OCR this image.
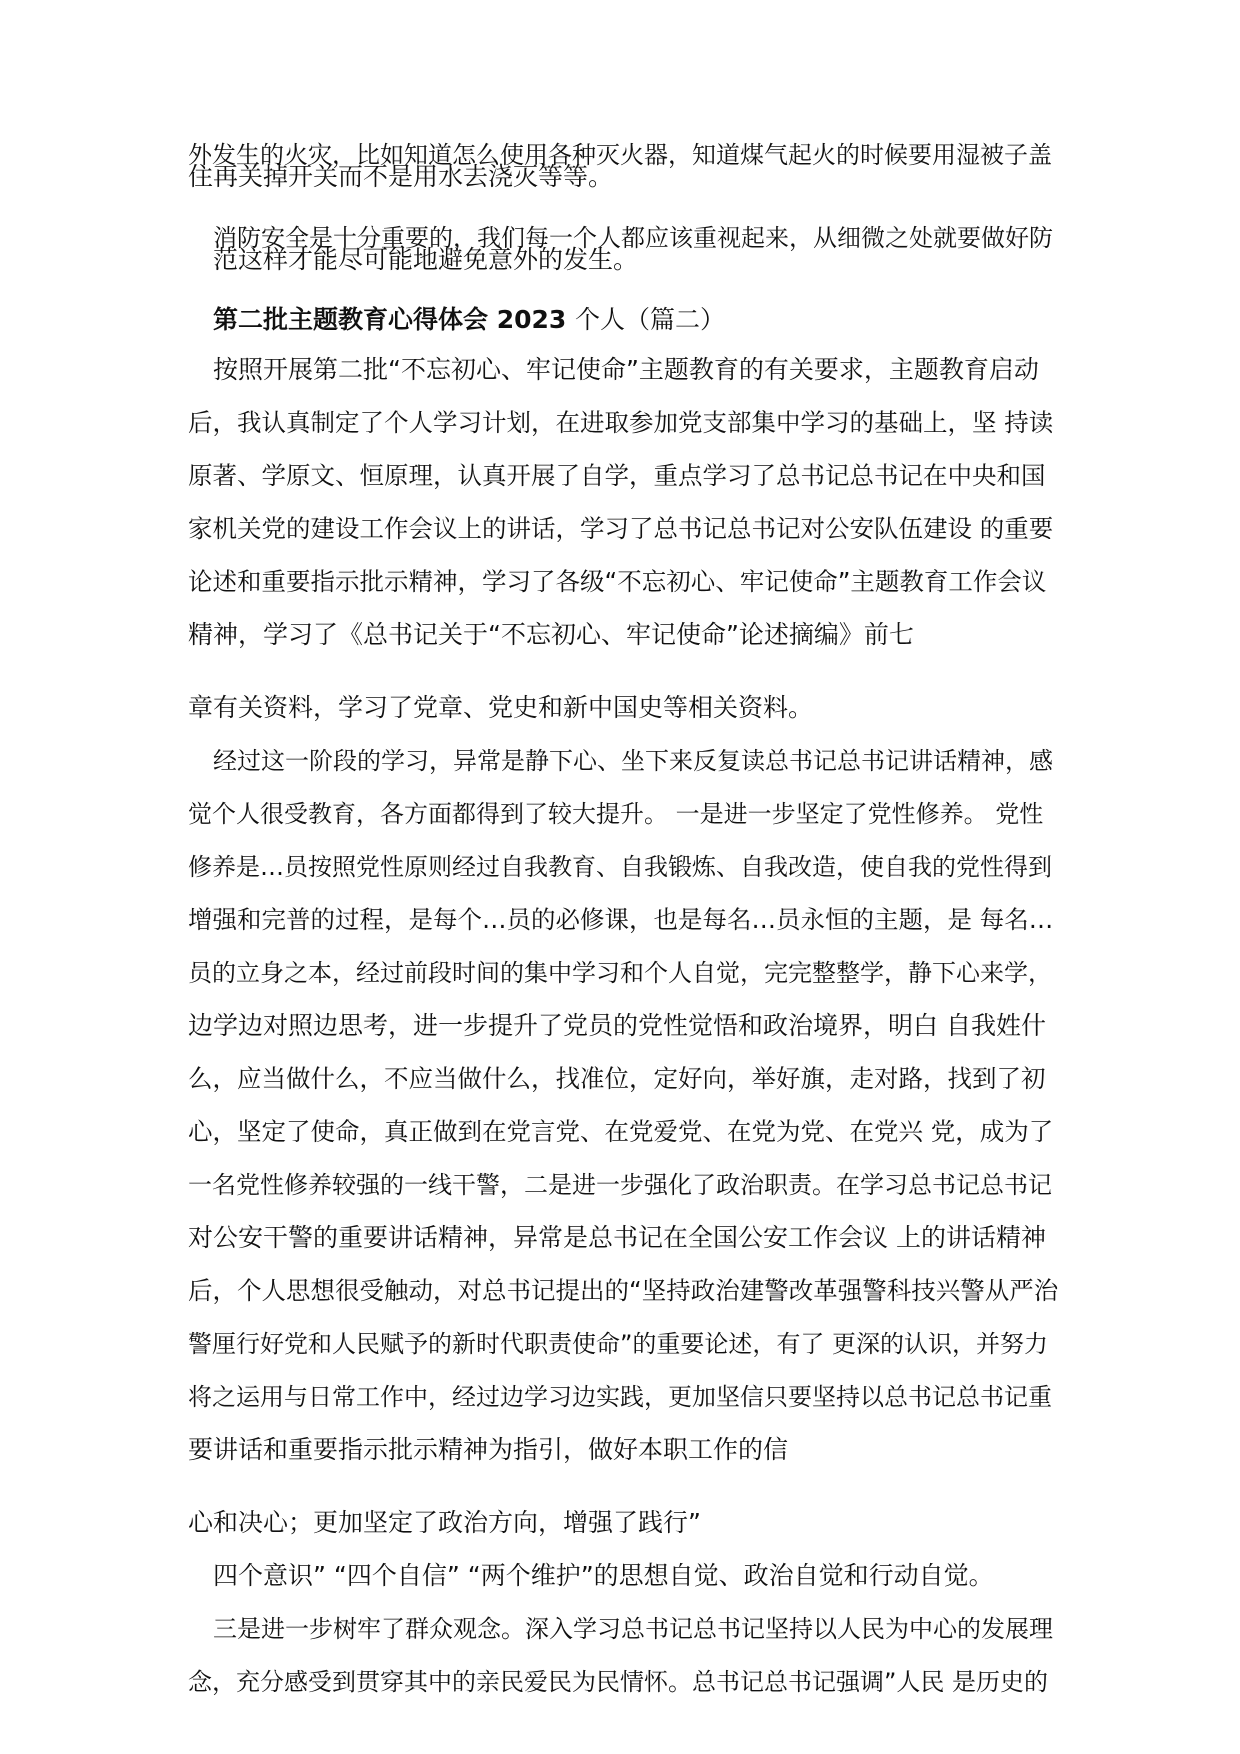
外发生的火灾，比如知道怎么使用各种灭火器，知道煤气起火的时候要用湿被子盖
住再关掉开关而不是用水去浇灭等等。
消防安全是十分重要的，我们每一个人都应该重视起来，从细微之处就要做好防
范这样才能尽可能地避免意外的发生。
第二批主题教育心得体会 2023 个人（篇二）
按照开展第二批“不忘初心、牢记使命”主题教育的有关要求，主题教育启动
后，我认真制定了个人学习计划，在进取参加党支部集中学习的基础上，坚 持读
原著、学原文、恒原理，认真开展了自学，重点学习了总书记总书记在中央和国
家机关党的建设工作会议上的讲话，学习了总书记总书记对公安队伍建设 的重要
论述和重要指示批示精神，学习了各级“不忘初心、牢记使命”主题教育工作会议
精神，学习了《总书记关于“不忘初心、牢记使命”论述摘编》前七
章有关资料，学习了党章、党史和新中国史等相关资料。
经过这一阶段的学习，异常是静下心、坐下来反复读总书记总书记讲话精神，感
觉个人很受教育，各方面都得到了较大提升。 一是进一步坚定了党性修养。 党性
修养是…员按照党性原则经过自我教育、自我锻炼、自我改造，使自我的党性得到
增强和完普的过程，是每个…员的必修课，也是每名…员永恒的主题，是 每名…
员的立身之本，经过前段时间的集中学习和个人自觉，完完整整学，静下心来学，
边学边对照边思考，进一步提升了党员的党性觉悟和政治境界，明白 自我姓什
么，应当做什么，不应当做什么，找准位，定好向，举好旗，走对路，找到了初
心，坚定了使命，真正做到在党言党、在党爱党、在党为党、在党兴 党，成为了
一名党性修养较强的一线干警，二是进一步强化了政治职责。在学习总书记总书记
对公安干警的重要讲话精神，异常是总书记在全国公安工作会议 上的讲话精神
后，个人思想很受触动，对总书记提出的“坚持政治建警改革强警科技兴警从严治
警厘行好党和人民赋予的新时代职责使命”的重要论述，有了 更深的认识，并努力
将之运用与日常工作中，经过边学习边实践，更加坚信只要坚持以总书记总书记重
要讲话和重要指示批示精神为指引，做好本职工作的信
心和决心；更加坚定了政治方向，增强了践行”
四个意识” “四个自信” “两个维护”的思想自觉、政治自觉和行动自觉。
三是进一步树牢了群众观念。深入学习总书记总书记坚持以人民为中心的发展理
念，充分感受到贯穿其中的亲民爱民为民情怀。总书记总书记强调”人民 是历史的
